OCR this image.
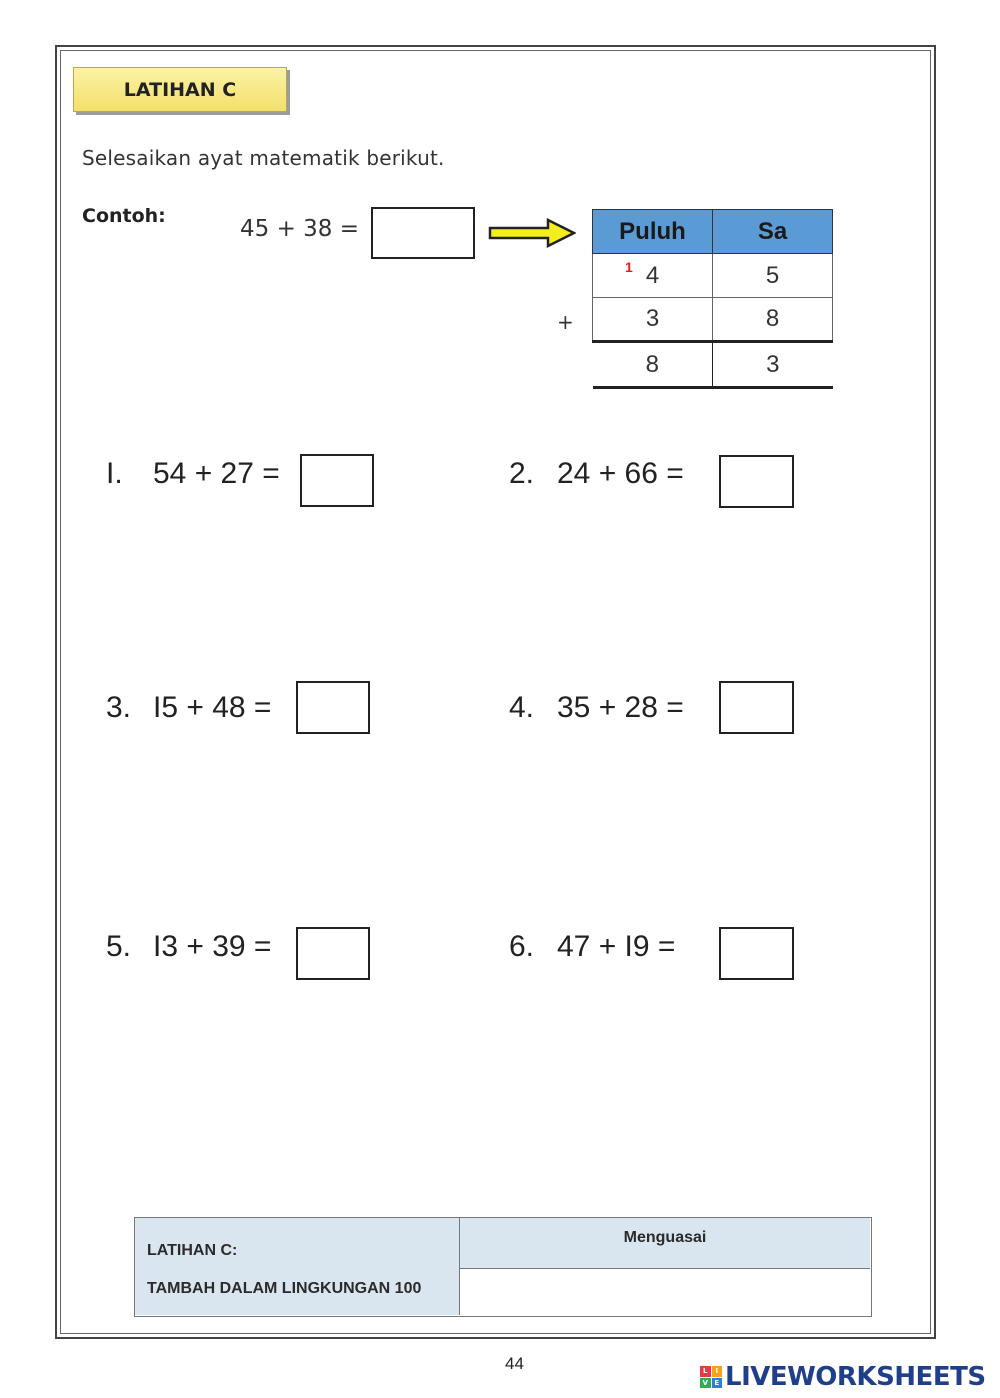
LATIHAN C
Selesaikan ayat matematik berikut.
Contoh:	45 + 38 =	Puluh	Sa

1 4	5
3	8
8	3
+
I. 54 + 27 =	2. 24 + 66 =
3. I5 + 48 =	4. 35 + 28 =
5. I3 + 39 =	6. 47 + I9 =
LATIHAN C:
TAMBAH DALAM LINGKUNGAN 100
Menguasai
44	L	I
V E LIVEWORKSHEETS
